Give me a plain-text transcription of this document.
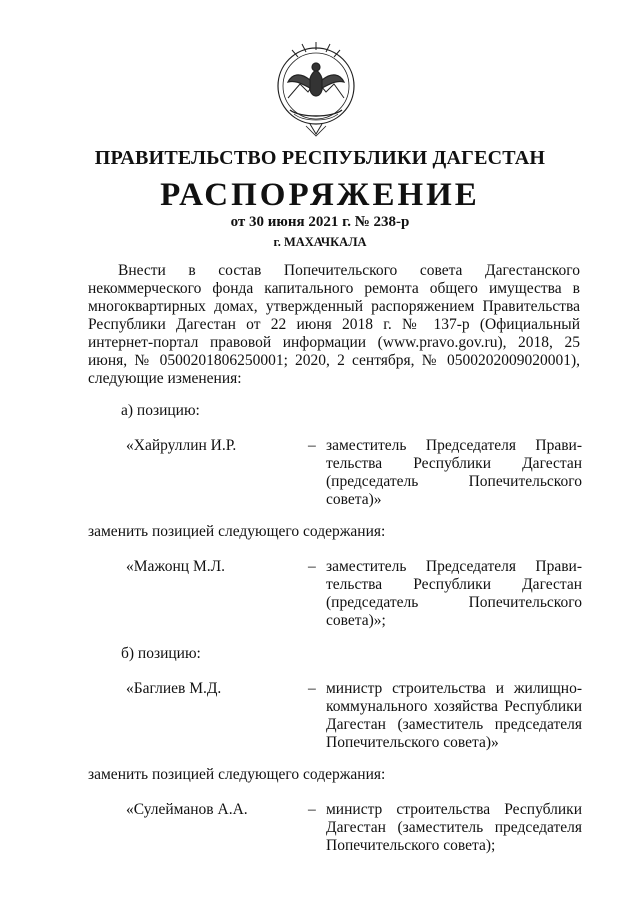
ПРАВИТЕЛЬСТВО РЕСПУБЛИКИ ДАГЕСТАН
РАСПОРЯЖЕНИЕ
от 30 июня 2021 г. № 238-р
г. МАХАЧКАЛА
Внести в состав Попечительского совета Дагестанского некоммерческого фонда капитального ремонта общего имущества в многоквартирных домах, утвержденный распоряжением Правительства Республики Дагестан от 22 июня 2018 г. № 137-р (Официальный интернет-портал правовой информации (www.pravo.gov.ru), 2018, 25 июня, № 0500201806250001; 2020, 2 сентября, № 0500202009020001), следующие изменения:
а) позицию:
«Хайруллин И.Р.	– заместитель Председателя Прави-
тельства Республики Дагестан
(председатель Попечительского
совета)»
заменить позицией следующего содержания:
«Мажонц М.Л.	– заместитель Председателя Прави-
тельства Республики Дагестан
(председатель Попечительского
совета)»;
б) позицию:
«Баглиев М.Д.	– министр строительства и жилищно-
коммунального хозяйства Республики
Дагестан (заместитель председателя
Попечительского совета)»
заменить позицией следующего содержания:
«Сулейманов А.А.	– министр строительства Республики
Дагестан (заместитель председателя
Попечительского совета);
